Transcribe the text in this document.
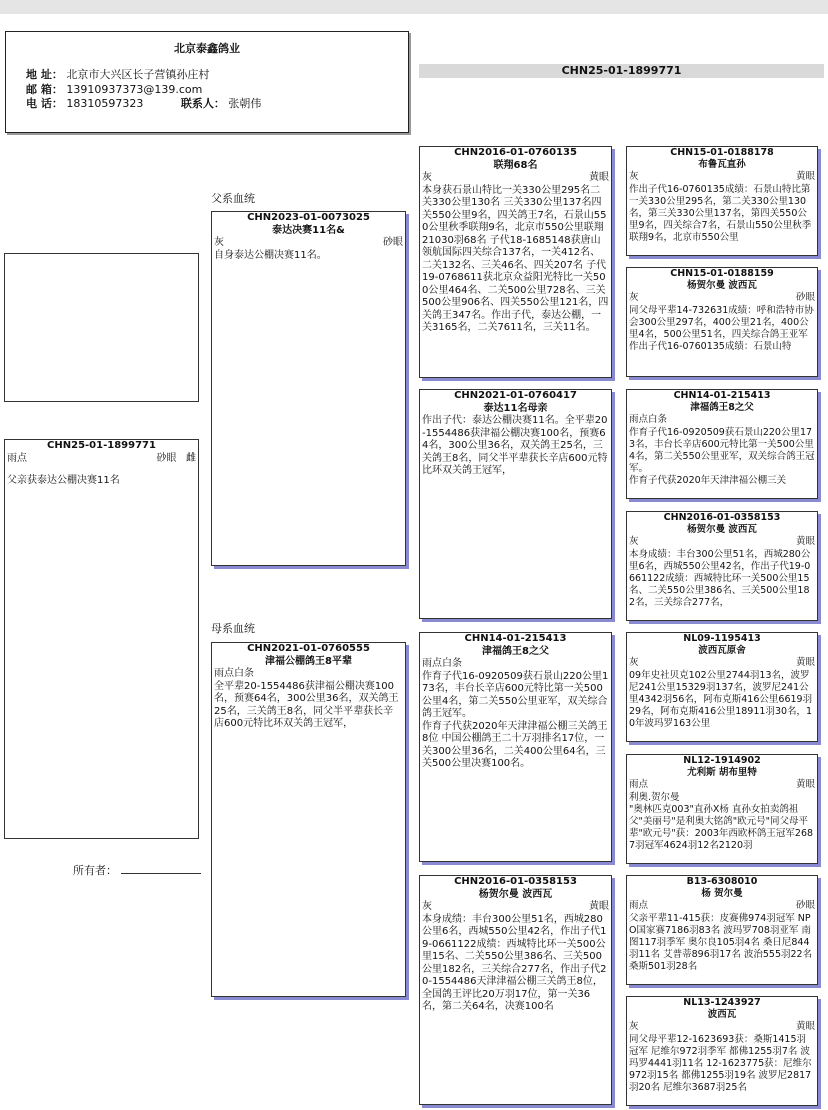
北京泰鑫鸽业
地 址： 北京市大兴区长子营镇孙庄村
邮 箱： 13910937373@139.com
电 话： 18310597323	联系人： 张朝伟
CHN25-01-1899771
CHN25-01-1899771
雨点	砂眼 雌
父亲获泰达公棚决赛11名
所有者：
父系血统
母系血统
CHN2023-01-0073025
泰达决赛11名&
灰	砂眼
自身泰达公棚决赛11名。
CHN2021-01-0760555
津福公棚鸽王8平辈
雨点白条
全平辈20-1554486获津福公棚决赛100名，预赛64名，300公里36名，双关鸽王25名，三关鸽王8名，同父半平辈获长辛店600元特比环双关鸽王冠军，
CHN2016-01-0760135
联翔68名
灰	黄眼
本身获石景山特比一关330公里295名二关330公里130名 三关330公里137名四关550公里9名，四关鸽王7名，石景山550公里秋季联翔9名，北京市550公里联翔21030羽68名 子代18-1685148获唐山领航国际四关综合137名，一关412名、二关132名、三关46名、四关207名 子代19-0768611获北京众益阳光特比一关500公里464名、二关500公里728名、三关500公里906名、四关550公里121名，四关鸽王347名。作出子代，泰达公棚，一关3165名，二关7611名，三关11名。
CHN2021-01-0760417
泰达11名母亲
作出子代：泰达公棚决赛11名。全平辈20-1554486获津福公棚决赛100名，预赛64名，300公里36名，双关鸽王25名，三关鸽王8名，同父半平辈获长辛店600元特比环双关鸽王冠军，
CHN14-01-215413
津福鸽王8之父
雨点白条
作育子代16-0920509获石景山220公里173名，丰台长辛店600元特比第一关500公里4名，第二关550公里亚军，双关综合鸽王冠军。
作育子代获2020年天津津福公棚三关鸽王8位 中国公棚鸽王二十万羽排名17位，一关300公里36名，二关400公里64名，三关500公里决赛100名。
CHN2016-01-0358153
杨贺尔曼 波西瓦
灰	黄眼
本身成绩：丰台300公里51名，西城280公里6名，西城550公里42名，作出子代19-0661122成绩：西城特比环一关500公里15名、二关550公里386名、三关500公里182名，三关综合277名，作出子代20-1554486天津津福公棚三关鸽王8位，全国鸽王评比20万羽17位，第一关36名，第二关64名，决赛100名
CHN15-01-0188178
布鲁瓦直孙
灰	黄眼
作出子代16-0760135成绩：石景山特比第一关330公里295名，第二关330公里130名，第三关330公里137名，第四关550公里9名，四关综合7名，石景山550公里秋季联翔9名，北京市550公里
CHN15-01-0188159
杨贺尔曼 波西瓦
灰	砂眼
同父母平辈14-732631成绩：呼和浩特市协会300公里297名，400公里21名，400公里4名，500公里51名，四关综合鸽王亚军
作出子代16-0760135成绩：石景山特
CHN14-01-215413
津福鸽王8之父
雨点白条
作育子代16-0920509获石景山220公里173名，丰台长辛店600元特比第一关500公里4名，第二关550公里亚军，双关综合鸽王冠军。
作育子代获2020年天津津福公棚三关
CHN2016-01-0358153
杨贺尔曼 波西瓦
灰	黄眼
本身成绩：丰台300公里51名，西城280公里6名，西城550公里42名，作出子代19-0661122成绩：西城特比环一关500公里15名、二关550公里386名、三关500公里182名，三关综合277名，
NL09-1195413
波西瓦原舍
灰	黄眼
09年史社贝克102公里2744羽13名，波罗尼241公里15329羽137名，波罗尼241公里4342羽56名，阿布克斯416公里6619羽29名，阿布克斯416公里18911羽30名，10年波玛罗163公里
NL12-1914902
尤利斯 胡布里特
雨点	黄眼
利奥.贺尔曼
"奥林匹克003"直孙X杨 直孙女拍卖鸽祖父"美丽号"是利奥大铭鸽"欧元号"同父母平辈"欧元号"获：2003年西欧杯鸽王冠军2687羽冠军4624羽12名2120羽
B13-6308010
杨 贺尔曼
雨点	砂眼
父亲平辈11-415获：皮赛佛974羽冠军 NPO国家赛7186羽83名 波玛罗708羽亚军 南图117羽季军 奥尔良105羽4名 桑日尼844羽11名 艾普蒂896羽17名 波治555羽22名 桑斯501羽28名
NL13-1243927
波西瓦
灰	黄眼
同父母平辈12-1623693获：桑斯1415羽冠军 尼维尔972羽季军 都佛1255羽7名 波玛罗4441羽11名 12-1623775获：尼维尔972羽15名 都佛1255羽19名 波罗尼2817羽20名 尼维尔3687羽25名
